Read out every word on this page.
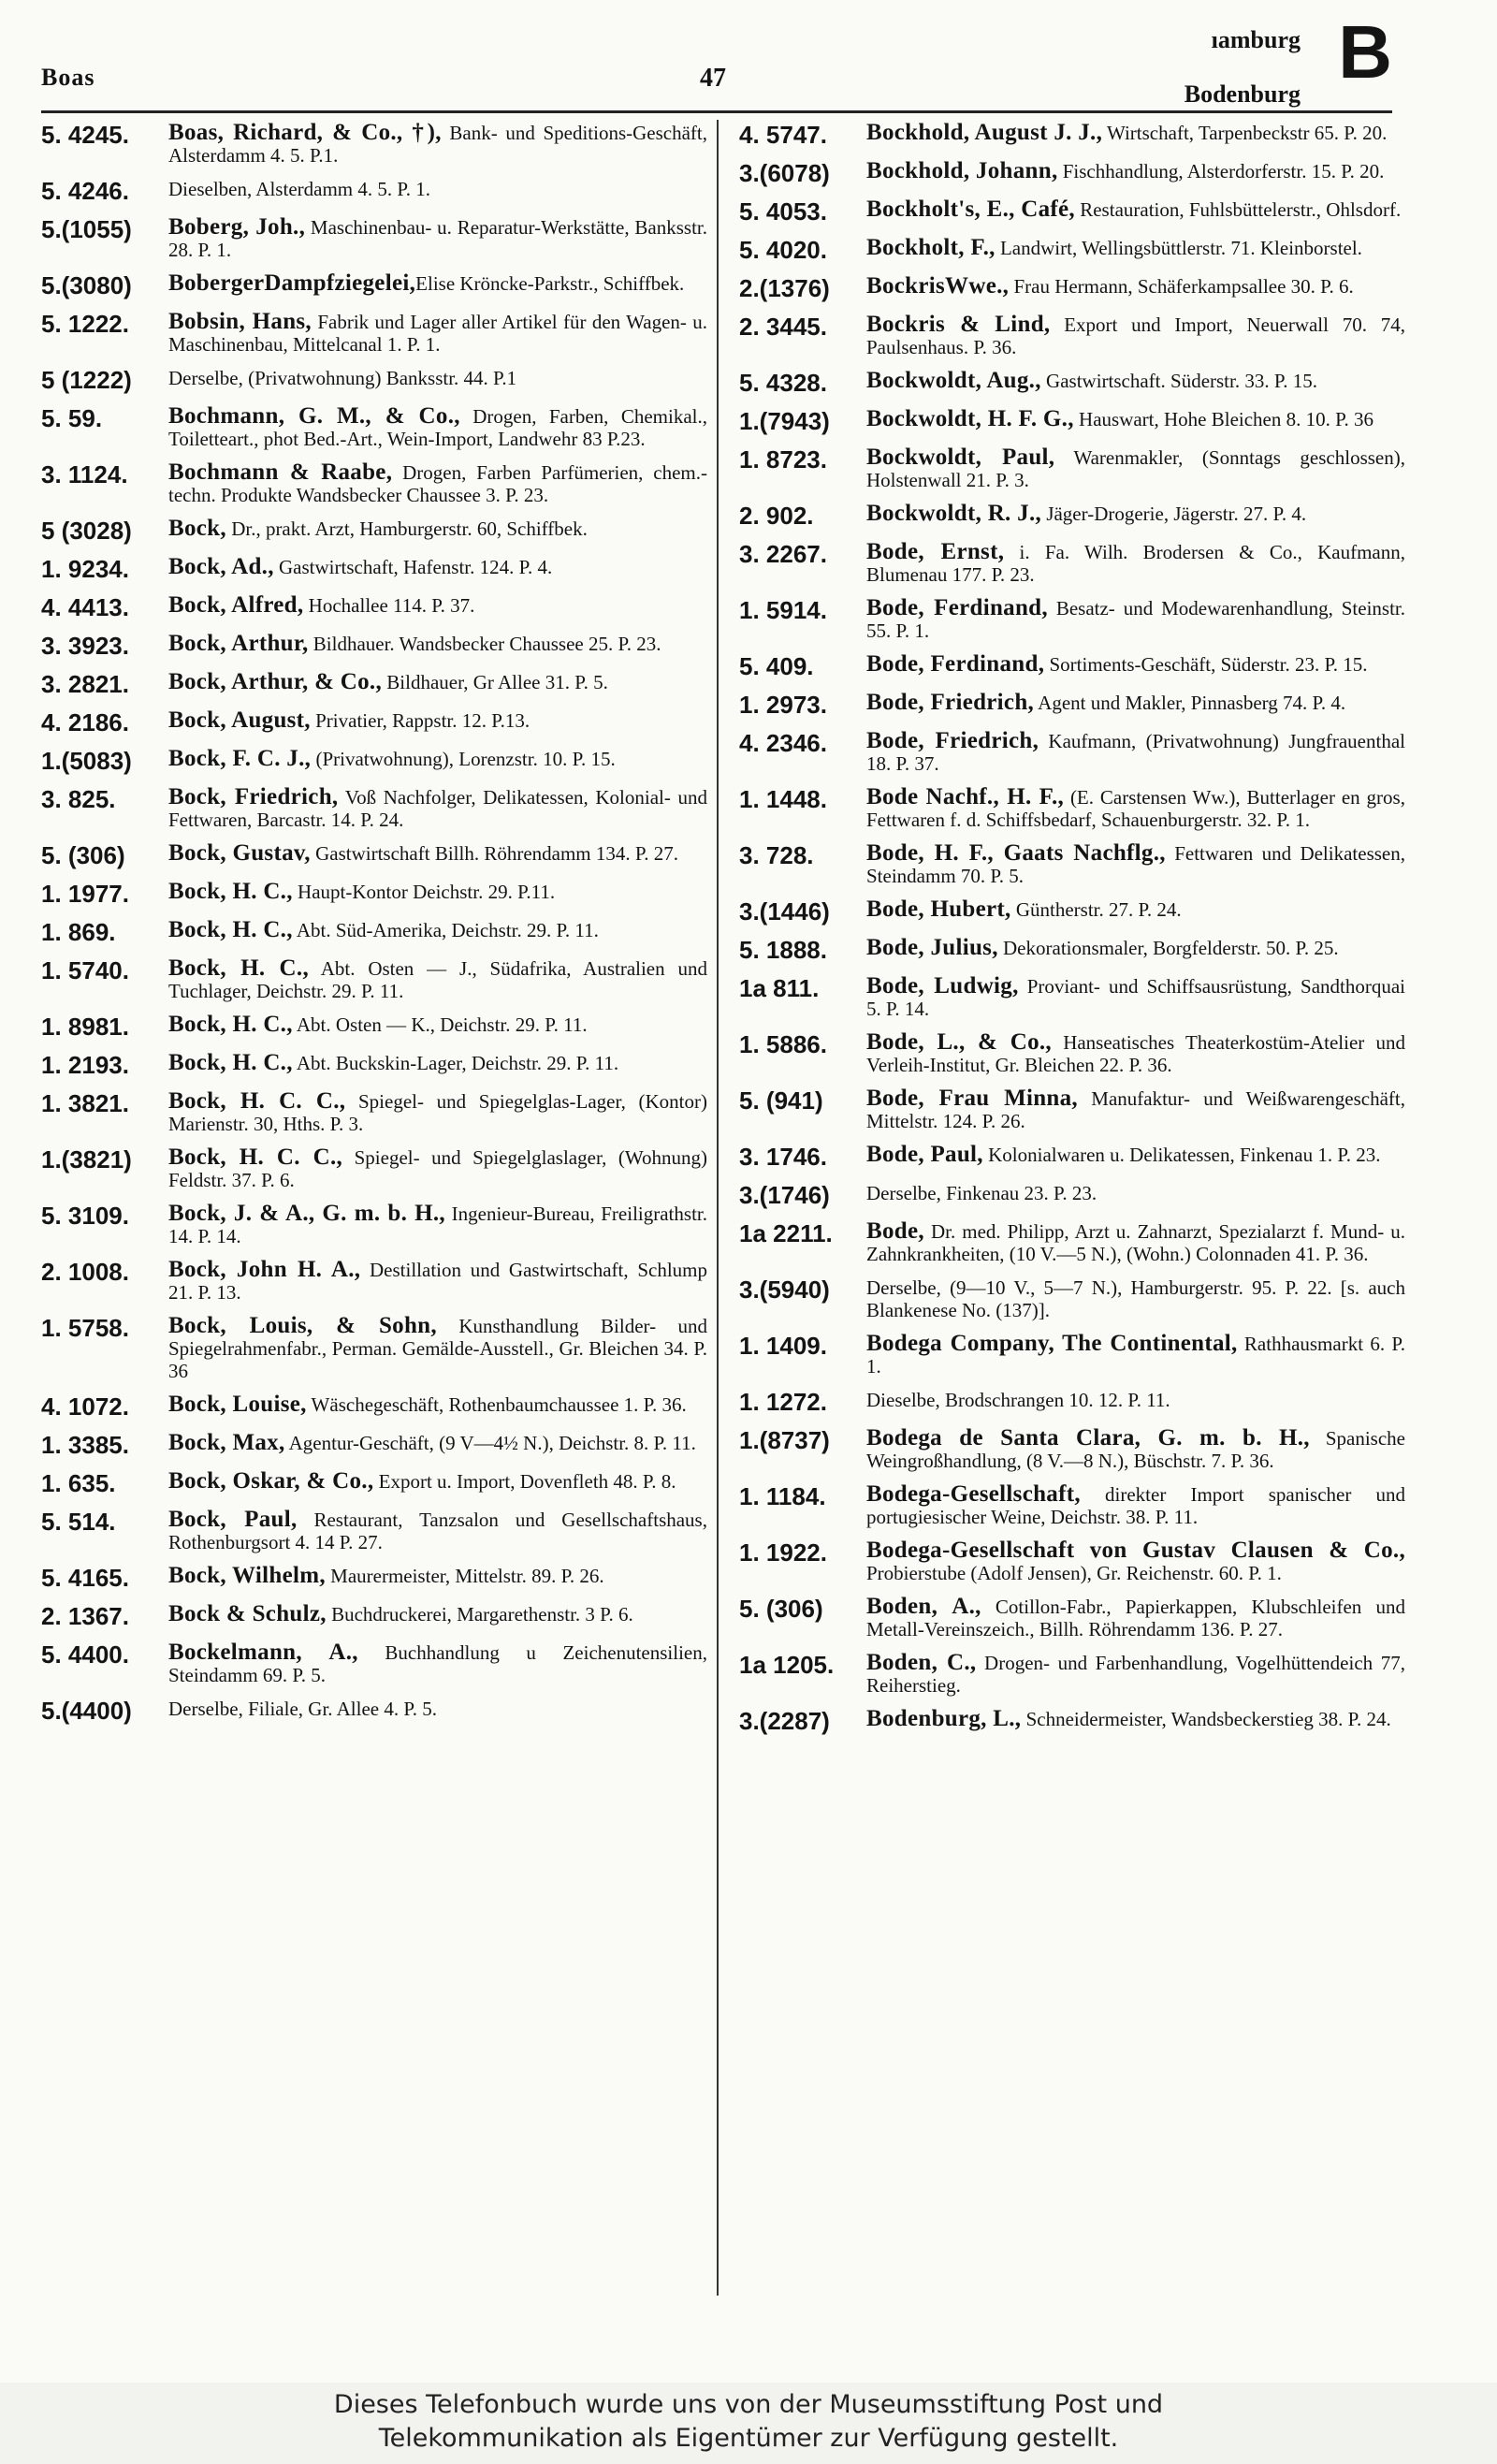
Boas	47
ıamburg
Bodenburg
B
5. 4245.	Boas, Richard, & Co., †), Bank- und Speditions-Geschäft, Alsterdamm 4. 5. P.1.
5. 4246.	Dieselben, Alsterdamm 4. 5. P. 1.
5.(1055)	Boberg, Joh., Maschinenbau- u. Reparatur-Werkstätte, Banksstr. 28. P. 1.
5.(3080)	BobergerDampfziegelei,Elise Kröncke-Parkstr., Schiffbek.
5. 1222.	Bobsin, Hans, Fabrik und Lager aller Artikel für den Wagen- u. Maschinenbau, Mittelcanal 1. P. 1.
5 (1222)	Derselbe, (Privatwohnung) Banksstr. 44. P.1
5. 59.	Bochmann, G. M., & Co., Drogen, Farben, Chemikal., Toiletteart., phot Bed.-Art., Wein-Import, Landwehr 83 P.23.
3. 1124.	Bochmann & Raabe, Drogen, Farben Parfümerien, chem.-techn. Produkte Wandsbecker Chaussee 3. P. 23.
5 (3028)	Bock, Dr., prakt. Arzt, Hamburgerstr. 60, Schiffbek.
1. 9234.	Bock, Ad., Gastwirtschaft, Hafenstr. 124. P. 4.
4. 4413.	Bock, Alfred, Hochallee 114. P. 37.
3. 3923.	Bock, Arthur, Bildhauer. Wandsbecker Chaussee 25. P. 23.
3. 2821.	Bock, Arthur, & Co., Bildhauer, Gr Allee 31. P. 5.
4. 2186.	Bock, August, Privatier, Rappstr. 12. P.13.
1.(5083)	Bock, F. C. J., (Privatwohnung), Lorenzstr. 10. P. 15.
3. 825.	Bock, Friedrich, Voß Nachfolger, Delikatessen, Kolonial- und Fettwaren, Barcastr. 14. P. 24.
5. (306)	Bock, Gustav, Gastwirtschaft Billh. Röhrendamm 134. P. 27.
1. 1977.	Bock, H. C., Haupt-Kontor Deichstr. 29. P.11.
1. 869.	Bock, H. C., Abt. Süd-Amerika, Deichstr. 29. P. 11.
1. 5740.	Bock, H. C., Abt. Osten — J., Südafrika, Australien und Tuchlager, Deichstr. 29. P. 11.
1. 8981.	Bock, H. C., Abt. Osten — K., Deichstr. 29. P. 11.
1. 2193.	Bock, H. C., Abt. Buckskin-Lager, Deichstr. 29. P. 11.
1. 3821.	Bock, H. C. C., Spiegel- und Spiegelglas-Lager, (Kontor) Marienstr. 30, Hths. P. 3.
1.(3821)	Bock, H. C. C., Spiegel- und Spiegelglaslager, (Wohnung) Feldstr. 37. P. 6.
5. 3109.	Bock, J. & A., G. m. b. H., Ingenieur-Bureau, Freiligrathstr. 14. P. 14.
2. 1008.	Bock, John H. A., Destillation und Gastwirtschaft, Schlump 21. P. 13.
1. 5758.	Bock, Louis, & Sohn, Kunsthandlung Bilder- und Spiegelrahmenfabr., Perman. Gemälde-Ausstell., Gr. Bleichen 34. P. 36
4. 1072.	Bock, Louise, Wäschegeschäft, Rothenbaumchaussee 1. P. 36.
1. 3385.	Bock, Max, Agentur-Geschäft, (9 V—4½ N.), Deichstr. 8. P. 11.
1. 635.	Bock, Oskar, & Co., Export u. Import, Dovenfleth 48. P. 8.
5. 514.	Bock, Paul, Restaurant, Tanzsalon und Gesellschaftshaus, Rothenburgsort 4. 14 P. 27.
5. 4165.	Bock, Wilhelm, Maurermeister, Mittelstr. 89. P. 26.
2. 1367.	Bock & Schulz, Buchdruckerei, Margarethenstr. 3 P. 6.
5. 4400.	Bockelmann, A., Buchhandlung u Zeichenutensilien, Steindamm 69. P. 5.
5.(4400)	Derselbe, Filiale, Gr. Allee 4. P. 5.
4. 5747.	Bockhold, August J. J., Wirtschaft, Tarpenbeckstr 65. P. 20.
3.(6078)	Bockhold, Johann, Fischhandlung, Alsterdorferstr. 15. P. 20.
5. 4053.	Bockholt's, E., Café, Restauration, Fuhlsbüttelerstr., Ohlsdorf.
5. 4020.	Bockholt, F., Landwirt, Wellingsbüttlerstr. 71. Kleinborstel.
2.(1376)	BockrisWwe., Frau Hermann, Schäferkampsallee 30. P. 6.
2. 3445.	Bockris & Lind, Export und Import, Neuerwall 70. 74, Paulsenhaus. P. 36.
5. 4328.	Bockwoldt, Aug., Gastwirtschaft. Süderstr. 33. P. 15.
1.(7943)	Bockwoldt, H. F. G., Hauswart, Hohe Bleichen 8. 10. P. 36
1. 8723.	Bockwoldt, Paul, Warenmakler, (Sonntags geschlossen), Holstenwall 21. P. 3.
2. 902.	Bockwoldt, R. J., Jäger-Drogerie, Jägerstr. 27. P. 4.
3. 2267.	Bode, Ernst, i. Fa. Wilh. Brodersen & Co., Kaufmann, Blumenau 177. P. 23.
1. 5914.	Bode, Ferdinand, Besatz- und Modewarenhandlung, Steinstr. 55. P. 1.
5. 409.	Bode, Ferdinand, Sortiments-Geschäft, Süderstr. 23. P. 15.
1. 2973.	Bode, Friedrich, Agent und Makler, Pinnasberg 74. P. 4.
4. 2346.	Bode, Friedrich, Kaufmann, (Privatwohnung) Jungfrauenthal 18. P. 37.
1. 1448.	Bode Nachf., H. F., (E. Carstensen Ww.), Butterlager en gros, Fettwaren f. d. Schiffsbedarf, Schauenburgerstr. 32. P. 1.
3. 728.	Bode, H. F., Gaats Nachflg., Fettwaren und Delikatessen, Steindamm 70. P. 5.
3.(1446)	Bode, Hubert, Güntherstr. 27. P. 24.
5. 1888.	Bode, Julius, Dekorationsmaler, Borgfelderstr. 50. P. 25.
1a 811.	Bode, Ludwig, Proviant- und Schiffsausrüstung, Sandthorquai 5. P. 14.
1. 5886.	Bode, L., & Co., Hanseatisches Theaterkostüm-Atelier und Verleih-Institut, Gr. Bleichen 22. P. 36.
5. (941)	Bode, Frau Minna, Manufaktur- und Weißwarengeschäft, Mittelstr. 124. P. 26.
3. 1746.	Bode, Paul, Kolonialwaren u. Delikatessen, Finkenau 1. P. 23.
3.(1746)	Derselbe, Finkenau 23. P. 23.
1a 2211.	Bode, Dr. med. Philipp, Arzt u. Zahnarzt, Spezialarzt f. Mund- u. Zahnkrankheiten, (10 V.—5 N.), (Wohn.) Colonnaden 41. P. 36.
3.(5940)	Derselbe, (9—10 V., 5—7 N.), Hamburgerstr. 95. P. 22. [s. auch Blankenese No. (137)].
1. 1409.	Bodega Company, The Continental, Rathhausmarkt 6. P. 1.
1. 1272.	Dieselbe, Brodschrangen 10. 12. P. 11.
1.(8737)	Bodega de Santa Clara, G. m. b. H., Spanische Weingroßhandlung, (8 V.—8 N.), Büschstr. 7. P. 36.
1. 1184.	Bodega-Gesellschaft, direkter Import spanischer und portugiesischer Weine, Deichstr. 38. P. 11.
1. 1922.	Bodega-Gesellschaft von Gustav Clausen & Co., Probierstube (Adolf Jensen), Gr. Reichenstr. 60. P. 1.
5. (306)	Boden, A., Cotillon-Fabr., Papierkappen, Klubschleifen und Metall-Vereinszeich., Billh. Röhrendamm 136. P. 27.
1a 1205.	Boden, C., Drogen- und Farbenhandlung, Vogelhüttendeich 77, Reiherstieg.
3.(2287)	Bodenburg, L., Schneidermeister, Wandsbeckerstieg 38. P. 24.
Dieses Telefonbuch wurde uns von der Museumsstiftung Post und
Telekommunikation als Eigentümer zur Verfügung gestellt.
